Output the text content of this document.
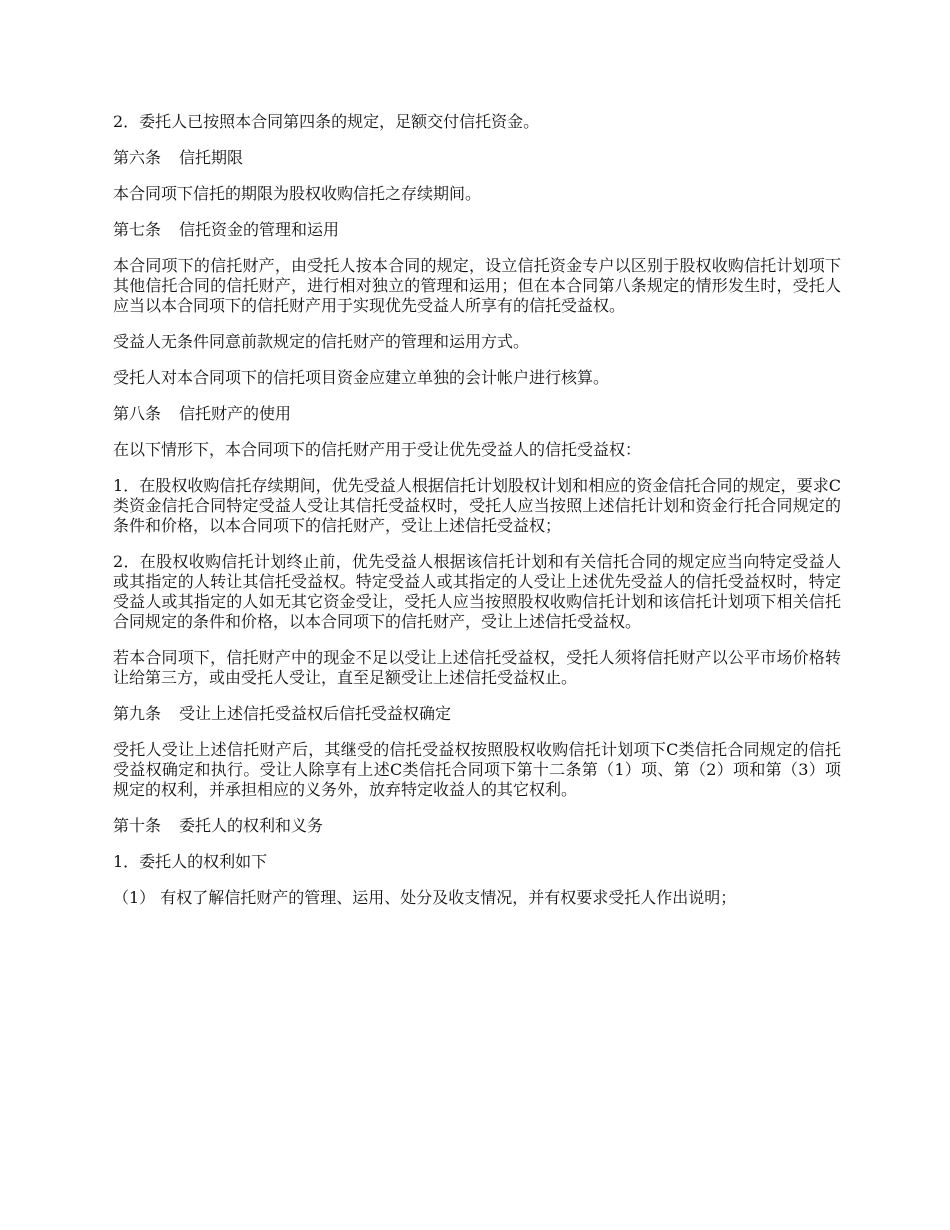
2．委托人已按照本合同第四条的规定，足额交付信托资金。

第六条 信托期限

本合同项下信托的期限为股权收购信托之存续期间。

第七条 信托资金的管理和运用

本合同项下的信托财产，由受托人按本合同的规定，设立信托资金专户以区别于股权收购信托计划项下其他信托合同的信托财产，进行相对独立的管理和运用；但在本合同第八条规定的情形发生时，受托人应当以本合同项下的信托财产用于实现优先受益人所享有的信托受益权。

受益人无条件同意前款规定的信托财产的管理和运用方式。

受托人对本合同项下的信托项目资金应建立单独的会计帐户进行核算。

第八条 信托财产的使用

在以下情形下，本合同项下的信托财产用于受让优先受益人的信托受益权：

1．在股权收购信托存续期间，优先受益人根据信托计划股权计划和相应的资金信托合同的规定，要求C类资金信托合同特定受益人受让其信托受益权时，受托人应当按照上述信托计划和资金行托合同规定的条件和价格，以本合同项下的信托财产，受让上述信托受益权；

2．在股权收购信托计划终止前，优先受益人根据该信托计划和有关信托合同的规定应当向特定受益人或其指定的人转让其信托受益权。特定受益人或其指定的人受让上述优先受益人的信托受益权时，特定受益人或其指定的人如无其它资金受让，受托人应当按照股权收购信托计划和该信托计划项下相关信托合同规定的条件和价格，以本合同项下的信托财产，受让上述信托受益权。

若本合同项下，信托财产中的现金不足以受让上述信托受益权，受托人须将信托财产以公平市场价格转让给第三方，或由受托人受让，直至足额受让上述信托受益权止。

第九条 受让上述信托受益权后信托受益权确定

受托人受让上述信托财产后，其继受的信托受益权按照股权收购信托计划项下C类信托合同规定的信托受益权确定和执行。受让人除享有上述C类信托合同项下第十二条第（1）项、第（2）项和第（3）项规定的权利，并承担相应的义务外，放弃特定收益人的其它权利。

第十条 委托人的权利和义务

1．委托人的权利如下

（1） 有权了解信托财产的管理、运用、处分及收支情况，并有权要求受托人作出说明；
